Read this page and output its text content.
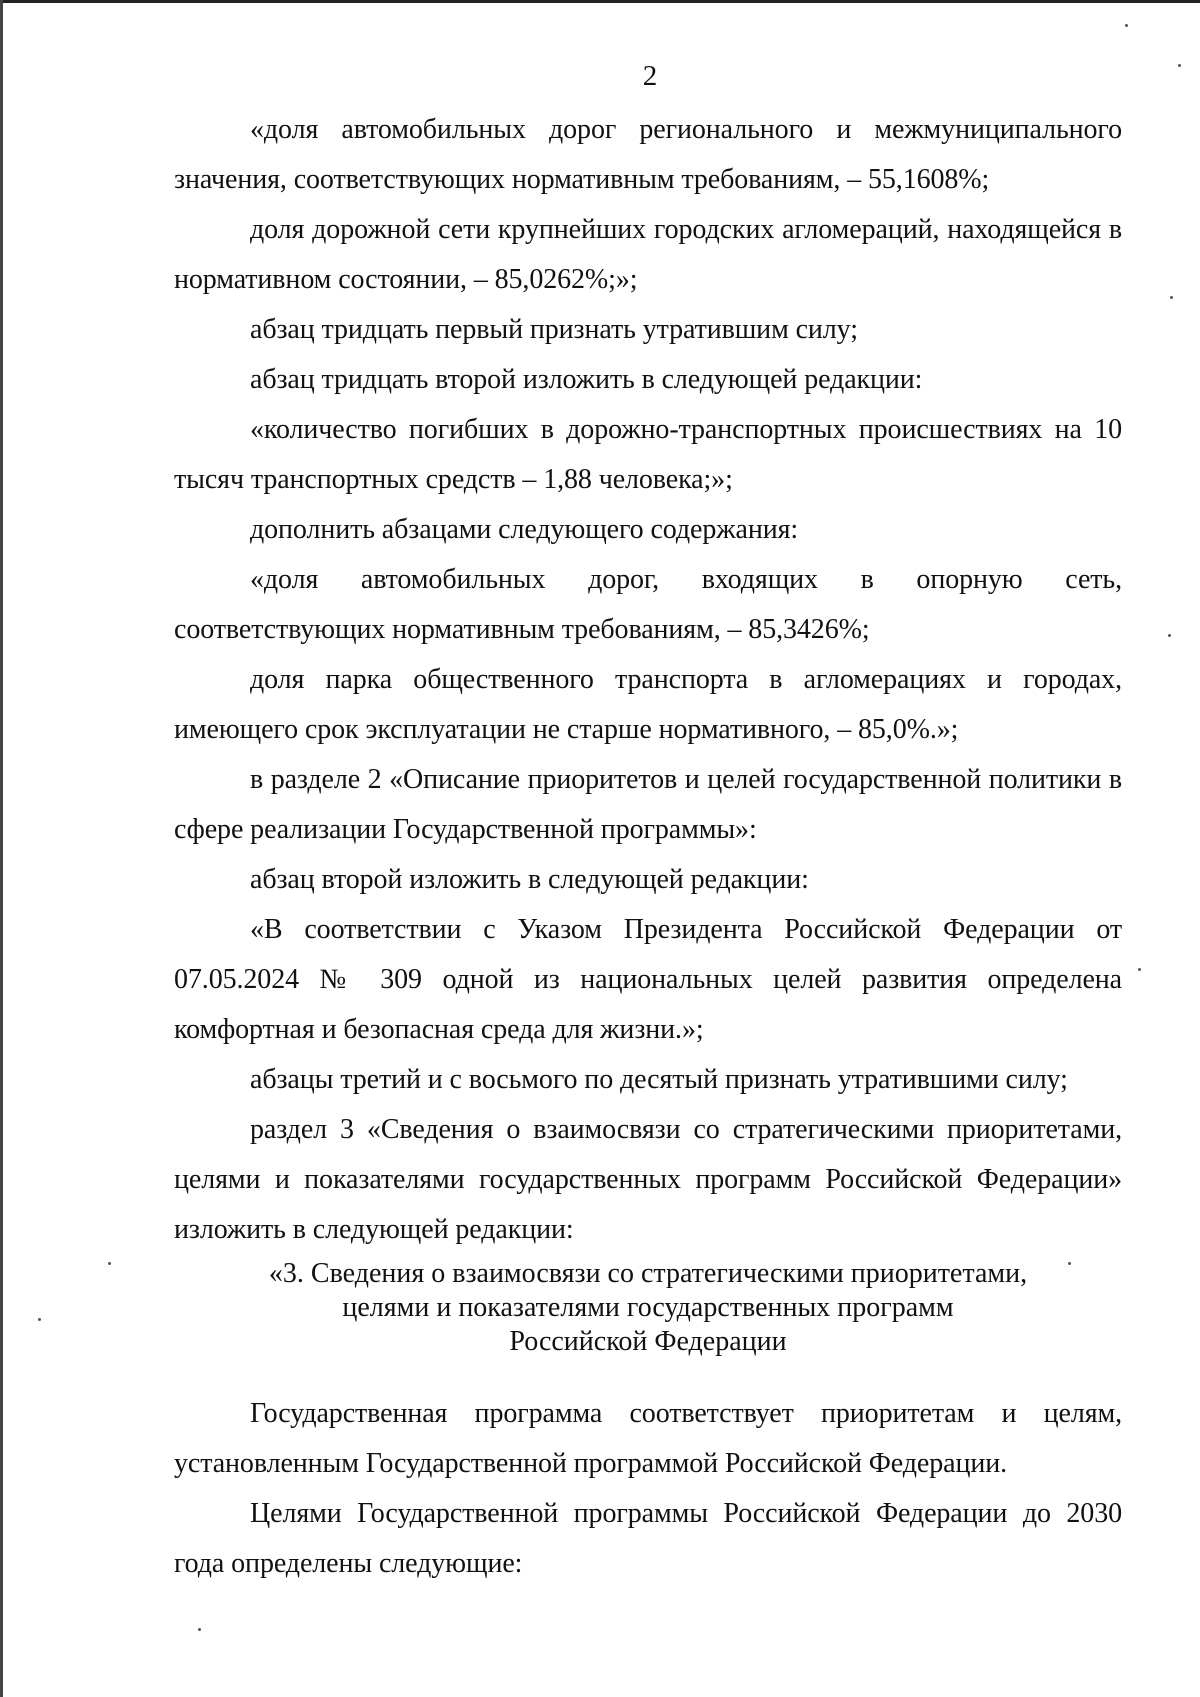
2

«доля автомобильных дорог регионального и межмуниципального значения, соответствующих нормативным требованиям, – 55,1608%;

доля дорожной сети крупнейших городских агломераций, находящейся в нормативном состоянии, – 85,0262%;»;

абзац тридцать первый признать утратившим силу;

абзац тридцать второй изложить в следующей редакции:

«количество погибших в дорожно-транспортных происшествиях на 10 тысяч транспортных средств – 1,88 человека;»;

дополнить абзацами следующего содержания:

«доля автомобильных дорог, входящих в опорную сеть, соответствующих нормативным требованиям, – 85,3426%;

доля парка общественного транспорта в агломерациях и городах, имеющего срок эксплуатации не старше нормативного, – 85,0%.»;

в разделе 2 «Описание приоритетов и целей государственной политики в сфере реализации Государственной программы»:

абзац второй изложить в следующей редакции:

«В соответствии с Указом Президента Российской Федерации от 07.05.2024 № 309 одной из национальных целей развития определена комфортная и безопасная среда для жизни.»;

абзацы третий и с восьмого по десятый признать утратившими силу;

раздел 3 «Сведения о взаимосвязи со стратегическими приоритетами, целями и показателями государственных программ Российской Федерации» изложить в следующей редакции:

«3. Сведения о взаимосвязи со стратегическими приоритетами,
целями и показателями государственных программ
Российской Федерации

Государственная программа соответствует приоритетам и целям, установленным Государственной программой Российской Федерации.

Целями Государственной программы Российской Федерации до 2030 года определены следующие:
